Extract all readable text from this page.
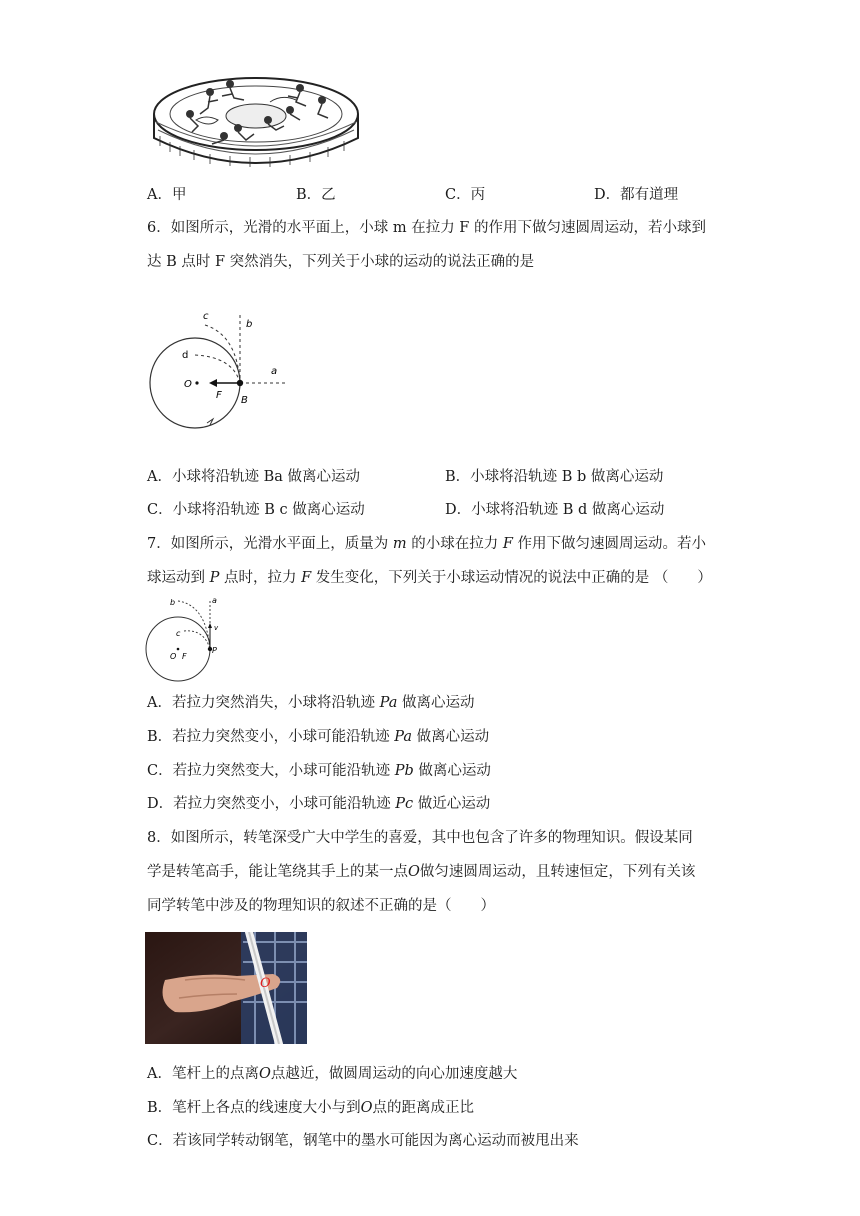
A．甲	B．乙	C．丙	D．都有道理
6．如图所示，光滑的水平面上，小球 m 在拉力 F 的作用下做匀速圆周运动，若小球到
达 B 点时 F 突然消失，下列关于小球的运动的说法正确的是
c
b
d
O
a
F B
A．小球将沿轨迹 Ba 做离心运动	B．小球将沿轨迹 B b 做离心运动
C．小球将沿轨迹 B c 做离心运动	D．小球将沿轨迹 B d 做离心运动
7．如图所示，光滑水平面上，质量为 m 的小球在拉力 F 作用下做匀速圆周运动。若小
球运动到 P 点时，拉力 F 发生变化，下列关于小球运动情况的说法中正确的是 （　　）
b	a
v
c
O F
P
A．若拉力突然消失，小球将沿轨迹 Pa 做离心运动
B．若拉力突然变小，小球可能沿轨迹 Pa 做离心运动
C．若拉力突然变大，小球可能沿轨迹 Pb 做离心运动
D．若拉力突然变小，小球可能沿轨迹 Pc 做近心运动
8．如图所示，转笔深受广大中学生的喜爱，其中也包含了许多的物理知识。假设某同
学是转笔高手，能让笔绕其手上的某一点O做匀速圆周运动，且转速恒定，下列有关该
同学转笔中涉及的物理知识的叙述不正确的是（　　）
O
A．笔杆上的点离O点越近，做圆周运动的向心加速度越大
B．笔杆上各点的线速度大小与到O点的距离成正比
C．若该同学转动钢笔，钢笔中的墨水可能因为离心运动而被甩出来
